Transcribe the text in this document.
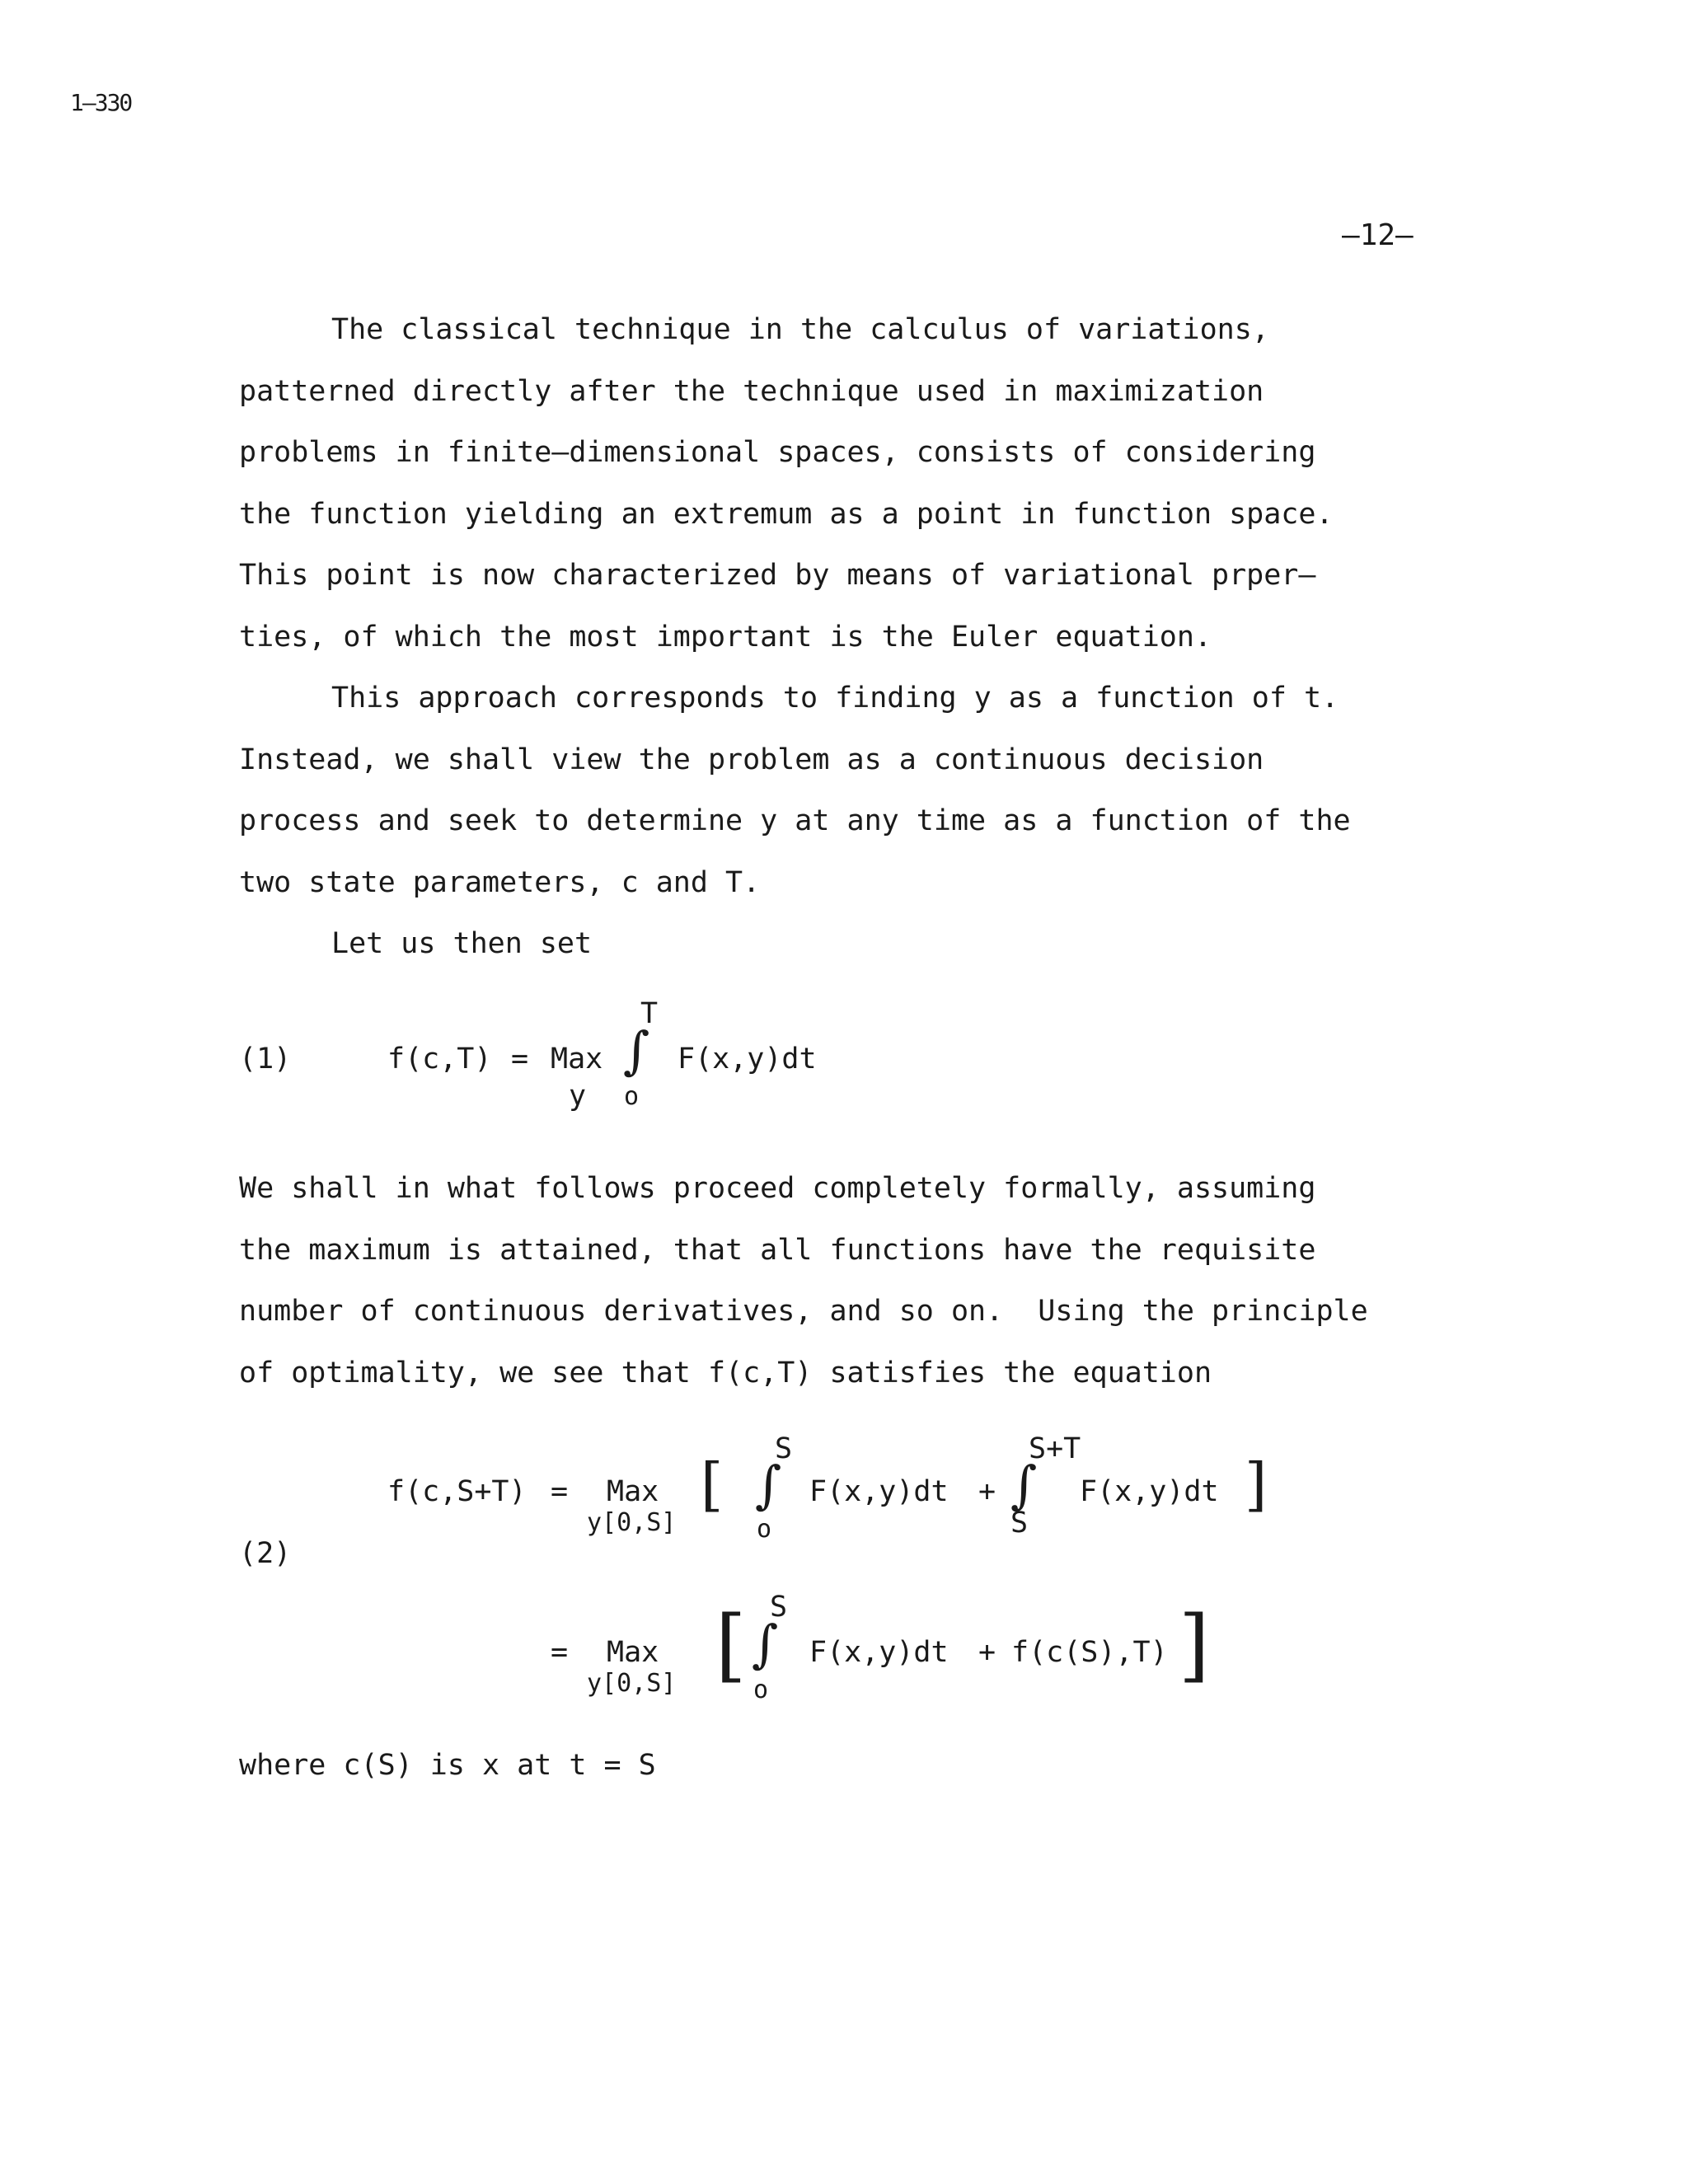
1—330
—12—

The classical technique in the calculus of variations,
patterned directly after the technique used in maximization
problems in finite—dimensional spaces, consists of considering
the function yielding an extremum as a point in function space.
This point is now characterized by means of variational prper—
ties, of which the most important is the Euler equation.

This approach corresponds to finding y as a function of t.
Instead, we shall view the problem as a continuous decision
process and seek to determine y at any time as a function of the
two state parameters, c and T.

Let us then set

(1)	f(c,T) = Max
y
T
∫
o
F(x,y)dt

We shall in what follows proceed completely formally, assuming
the maximum is attained, that all functions have the requisite
number of continuous derivatives, and so on.  Using the principle
of optimality, we see that f(c,T) satisfies the equation

(2)
f(c,S+T) = Max
y[0,S]
[
S
∫
o
F(x,y)dt +
S+T
∫
S
F(x,y)dt ]
= Max
y[0,S] [ S
∫
o
F(x,y)dt + f(c(S),T) ]

where c(S) is x at t = S
